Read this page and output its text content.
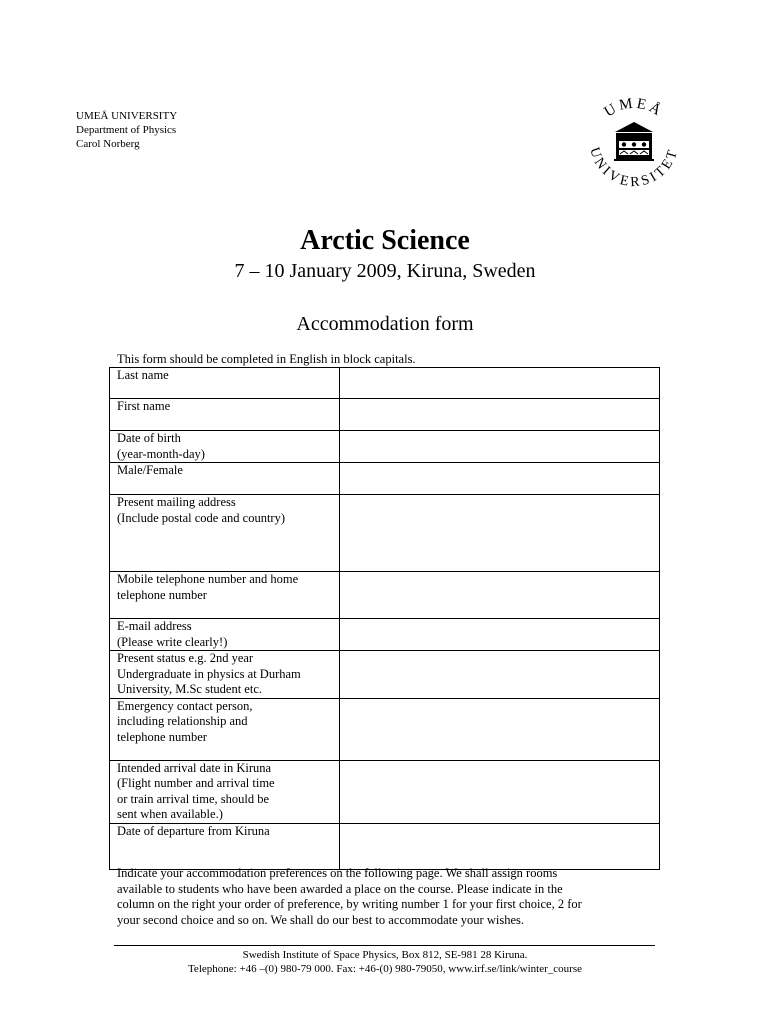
UMEÅ UNIVERSITY
Department of Physics
Carol Norberg
UMEÅ
UNIVERSITET
Arctic Science
7 – 10 January 2009, Kiruna, Sweden
Accommodation form
This form should be completed in English in block capitals.
Last name	

First name	

Date of birth
(year-month-day)	

Male/Female	

Present mailing address
(Include postal code and country)	

Mobile telephone number and home
telephone number	

E-mail address
(Please write clearly!)	

Present status e.g. 2nd year
Undergraduate in physics at Durham
University, M.Sc student etc.	

Emergency contact person,
including relationship and
telephone number	

Intended arrival date in Kiruna
(Flight number and arrival time
or train arrival time, should be
sent when available.)	

Date of departure from Kiruna	

Indicate your accommodation preferences on the following page. We shall assign rooms
available to students who have been awarded a place on the course. Please indicate in the
column on the right your order of preference, by writing number 1 for your first choice, 2 for
your second choice and so on. We shall do our best to accommodate your wishes.
Swedish Institute of Space Physics, Box 812, SE-981 28 Kiruna.
Telephone: +46 –(0) 980-79 000. Fax: +46-(0) 980-79050, www.irf.se/link/winter_course
